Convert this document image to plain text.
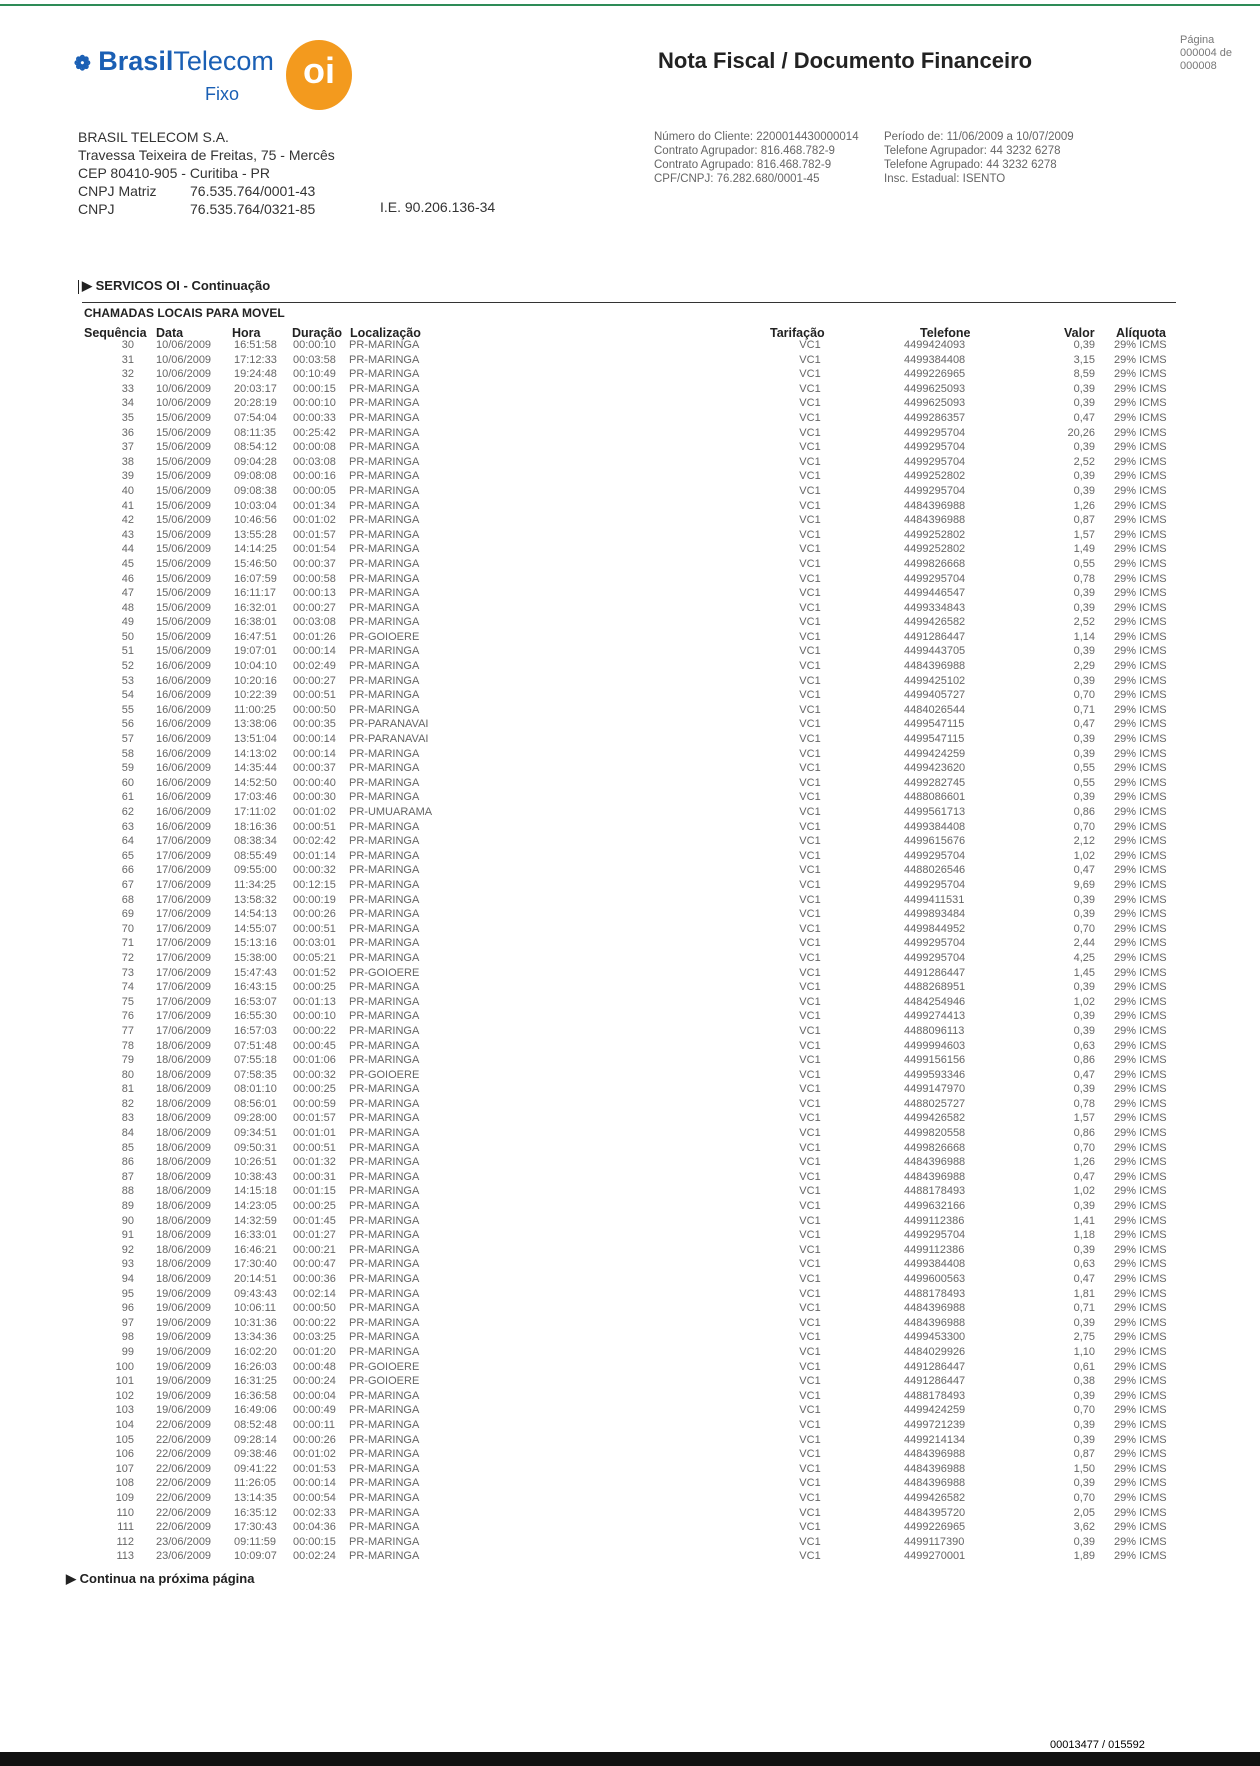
❁ BrasilTelecom
Fixo
oi	Nota Fiscal / Documento Financeiro
Página
000004 de
000008
BRASIL TELECOM S.A.
Travessa Teixeira de Freitas, 75 - Mercês
CEP 80410-905 - Curitiba - PR
CNPJ Matriz 76.535.764/0001-43
CNPJ	76.535.764/0321-85	I.E. 90.206.136-34
Número do Cliente: 2200014430000014
Contrato Agrupador: 816.468.782-9
Contrato Agrupado: 816.468.782-9
CPF/CNPJ: 76.282.680/0001-45
Período de: 11/06/2009 a 10/07/2009
Telefone Agrupador: 44 3232 6278
Telefone Agrupado: 44 3232 6278
Insc. Estadual: ISENTO
▶ SERVICOS OI - Continuação
CHAMADAS LOCAIS PARA MOVEL
Sequência Data	Hora	Duração Localização	Tarifação	Telefone	Valor Alíquota
30 10/06/2009 16:51:58 00:00:10 PR-MARINGA	VC1	4499424093	0,39 29% ICMS
31 10/06/2009 17:12:33 00:03:58 PR-MARINGA	VC1	4499384408	3,15 29% ICMS
32 10/06/2009 19:24:48 00:10:49 PR-MARINGA	VC1	4499226965	8,59 29% ICMS
33 10/06/2009 20:03:17 00:00:15 PR-MARINGA	VC1	4499625093	0,39 29% ICMS
34 10/06/2009 20:28:19 00:00:10 PR-MARINGA	VC1	4499625093	0,39 29% ICMS
35 15/06/2009 07:54:04 00:00:33 PR-MARINGA	VC1	4499286357	0,47 29% ICMS
36 15/06/2009 08:11:35 00:25:42 PR-MARINGA	VC1	4499295704	20,26 29% ICMS
37 15/06/2009 08:54:12 00:00:08 PR-MARINGA	VC1	4499295704	0,39 29% ICMS
38 15/06/2009 09:04:28 00:03:08 PR-MARINGA	VC1	4499295704	2,52 29% ICMS
39 15/06/2009 09:08:08 00:00:16 PR-MARINGA	VC1	4499252802	0,39 29% ICMS
40 15/06/2009 09:08:38 00:00:05 PR-MARINGA	VC1	4499295704	0,39 29% ICMS
41 15/06/2009 10:03:04 00:01:34 PR-MARINGA	VC1	4484396988	1,26 29% ICMS
42 15/06/2009 10:46:56 00:01:02 PR-MARINGA	VC1	4484396988	0,87 29% ICMS
43 15/06/2009 13:55:28 00:01:57 PR-MARINGA	VC1	4499252802	1,57 29% ICMS
44 15/06/2009 14:14:25 00:01:54 PR-MARINGA	VC1	4499252802	1,49 29% ICMS
45 15/06/2009 15:46:50 00:00:37 PR-MARINGA	VC1	4499826668	0,55 29% ICMS
46 15/06/2009 16:07:59 00:00:58 PR-MARINGA	VC1	4499295704	0,78 29% ICMS
47 15/06/2009 16:11:17 00:00:13 PR-MARINGA	VC1	4499446547	0,39 29% ICMS
48 15/06/2009 16:32:01 00:00:27 PR-MARINGA	VC1	4499334843	0,39 29% ICMS
49 15/06/2009 16:38:01 00:03:08 PR-MARINGA	VC1	4499426582	2,52 29% ICMS
50 15/06/2009 16:47:51 00:01:26 PR-GOIOERE	VC1	4491286447	1,14 29% ICMS
51 15/06/2009 19:07:01 00:00:14 PR-MARINGA	VC1	4499443705	0,39 29% ICMS
52 16/06/2009 10:04:10 00:02:49 PR-MARINGA	VC1	4484396988	2,29 29% ICMS
53 16/06/2009 10:20:16 00:00:27 PR-MARINGA	VC1	4499425102	0,39 29% ICMS
54 16/06/2009 10:22:39 00:00:51 PR-MARINGA	VC1	4499405727	0,70 29% ICMS
55 16/06/2009 11:00:25 00:00:50 PR-MARINGA	VC1	4484026544	0,71 29% ICMS
56 16/06/2009 13:38:06 00:00:35 PR-PARANAVAI	VC1	4499547115	0,47 29% ICMS
57 16/06/2009 13:51:04 00:00:14 PR-PARANAVAI	VC1	4499547115	0,39 29% ICMS
58 16/06/2009 14:13:02 00:00:14 PR-MARINGA	VC1	4499424259	0,39 29% ICMS
59 16/06/2009 14:35:44 00:00:37 PR-MARINGA	VC1	4499423620	0,55 29% ICMS
60 16/06/2009 14:52:50 00:00:40 PR-MARINGA	VC1	4499282745	0,55 29% ICMS
61 16/06/2009 17:03:46 00:00:30 PR-MARINGA	VC1	4488086601	0,39 29% ICMS
62 16/06/2009 17:11:02 00:01:02 PR-UMUARAMA	VC1	4499561713	0,86 29% ICMS
63 16/06/2009 18:16:36 00:00:51 PR-MARINGA	VC1	4499384408	0,70 29% ICMS
64 17/06/2009 08:38:34 00:02:42 PR-MARINGA	VC1	4499615676	2,12 29% ICMS
65 17/06/2009 08:55:49 00:01:14 PR-MARINGA	VC1	4499295704	1,02 29% ICMS
66 17/06/2009 09:55:00 00:00:32 PR-MARINGA	VC1	4488026546	0,47 29% ICMS
67 17/06/2009 11:34:25 00:12:15 PR-MARINGA	VC1	4499295704	9,69 29% ICMS
68 17/06/2009 13:58:32 00:00:19 PR-MARINGA	VC1	4499411531	0,39 29% ICMS
69 17/06/2009 14:54:13 00:00:26 PR-MARINGA	VC1	4499893484	0,39 29% ICMS
70 17/06/2009 14:55:07 00:00:51 PR-MARINGA	VC1	4499844952	0,70 29% ICMS
71 17/06/2009 15:13:16 00:03:01 PR-MARINGA	VC1	4499295704	2,44 29% ICMS
72 17/06/2009 15:38:00 00:05:21 PR-MARINGA	VC1	4499295704	4,25 29% ICMS
73 17/06/2009 15:47:43 00:01:52 PR-GOIOERE	VC1	4491286447	1,45 29% ICMS
74 17/06/2009 16:43:15 00:00:25 PR-MARINGA	VC1	4488268951	0,39 29% ICMS
75 17/06/2009 16:53:07 00:01:13 PR-MARINGA	VC1	4484254946	1,02 29% ICMS
76 17/06/2009 16:55:30 00:00:10 PR-MARINGA	VC1	4499274413	0,39 29% ICMS
77 17/06/2009 16:57:03 00:00:22 PR-MARINGA	VC1	4488096113	0,39 29% ICMS
78 18/06/2009 07:51:48 00:00:45 PR-MARINGA	VC1	4499994603	0,63 29% ICMS
79 18/06/2009 07:55:18 00:01:06 PR-MARINGA	VC1	4499156156	0,86 29% ICMS
80 18/06/2009 07:58:35 00:00:32 PR-GOIOERE	VC1	4499593346	0,47 29% ICMS
81 18/06/2009 08:01:10 00:00:25 PR-MARINGA	VC1	4499147970	0,39 29% ICMS
82 18/06/2009 08:56:01 00:00:59 PR-MARINGA	VC1	4488025727	0,78 29% ICMS
83 18/06/2009 09:28:00 00:01:57 PR-MARINGA	VC1	4499426582	1,57 29% ICMS
84 18/06/2009 09:34:51 00:01:01 PR-MARINGA	VC1	4499820558	0,86 29% ICMS
85 18/06/2009 09:50:31 00:00:51 PR-MARINGA	VC1	4499826668	0,70 29% ICMS
86 18/06/2009 10:26:51 00:01:32 PR-MARINGA	VC1	4484396988	1,26 29% ICMS
87 18/06/2009 10:38:43 00:00:31 PR-MARINGA	VC1	4484396988	0,47 29% ICMS
88 18/06/2009 14:15:18 00:01:15 PR-MARINGA	VC1	4488178493	1,02 29% ICMS
89 18/06/2009 14:23:05 00:00:25 PR-MARINGA	VC1	4499632166	0,39 29% ICMS
90 18/06/2009 14:32:59 00:01:45 PR-MARINGA	VC1	4499112386	1,41 29% ICMS
91 18/06/2009 16:33:01 00:01:27 PR-MARINGA	VC1	4499295704	1,18 29% ICMS
92 18/06/2009 16:46:21 00:00:21 PR-MARINGA	VC1	4499112386	0,39 29% ICMS
93 18/06/2009 17:30:40 00:00:47 PR-MARINGA	VC1	4499384408	0,63 29% ICMS
94 18/06/2009 20:14:51 00:00:36 PR-MARINGA	VC1	4499600563	0,47 29% ICMS
95 19/06/2009 09:43:43 00:02:14 PR-MARINGA	VC1	4488178493	1,81 29% ICMS
96 19/06/2009 10:06:11 00:00:50 PR-MARINGA	VC1	4484396988	0,71 29% ICMS
97 19/06/2009 10:31:36 00:00:22 PR-MARINGA	VC1	4484396988	0,39 29% ICMS
98 19/06/2009 13:34:36 00:03:25 PR-MARINGA	VC1	4499453300	2,75 29% ICMS
99 19/06/2009 16:02:20 00:01:20 PR-MARINGA	VC1	4484029926	1,10 29% ICMS
100 19/06/2009 16:26:03 00:00:48 PR-GOIOERE	VC1	4491286447	0,61 29% ICMS
101 19/06/2009 16:31:25 00:00:24 PR-GOIOERE	VC1	4491286447	0,38 29% ICMS
102 19/06/2009 16:36:58 00:00:04 PR-MARINGA	VC1	4488178493	0,39 29% ICMS
103 19/06/2009 16:49:06 00:00:49 PR-MARINGA	VC1	4499424259	0,70 29% ICMS
104 22/06/2009 08:52:48 00:00:11 PR-MARINGA	VC1	4499721239	0,39 29% ICMS
105 22/06/2009 09:28:14 00:00:26 PR-MARINGA	VC1	4499214134	0,39 29% ICMS
106 22/06/2009 09:38:46 00:01:02 PR-MARINGA	VC1	4484396988	0,87 29% ICMS
107 22/06/2009 09:41:22 00:01:53 PR-MARINGA	VC1	4484396988	1,50 29% ICMS
108 22/06/2009 11:26:05 00:00:14 PR-MARINGA	VC1	4484396988	0,39 29% ICMS
109 22/06/2009 13:14:35 00:00:54 PR-MARINGA	VC1	4499426582	0,70 29% ICMS
110 22/06/2009 16:35:12 00:02:33 PR-MARINGA	VC1	4484395720	2,05 29% ICMS
111 22/06/2009 17:30:43 00:04:36 PR-MARINGA	VC1	4499226965	3,62 29% ICMS
112 23/06/2009 09:11:59 00:00:15 PR-MARINGA	VC1	4499117390	0,39 29% ICMS
113 23/06/2009 10:09:07 00:02:24 PR-MARINGA	VC1	4499270001	1,89 29% ICMS
▶ Continua na próxima página
00013477 / 015592
